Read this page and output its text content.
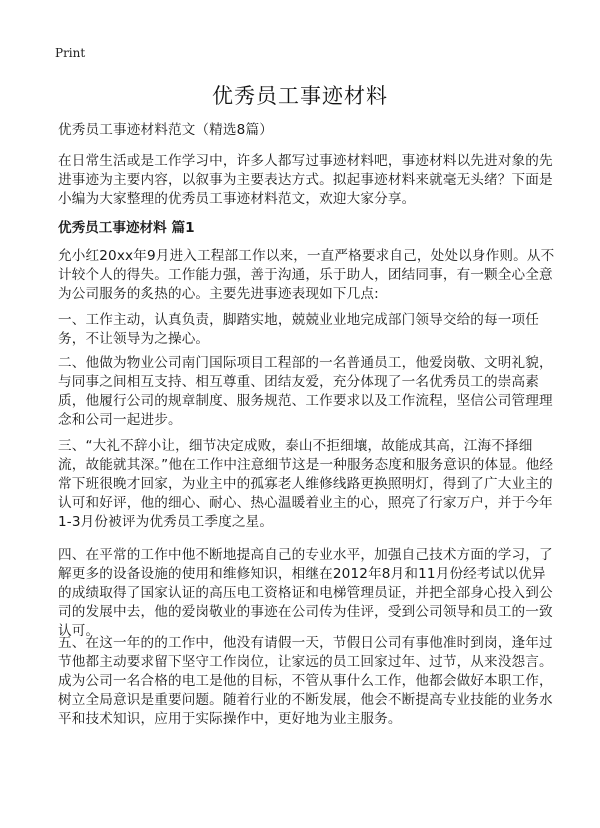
Print
优秀员工事迹材料

优秀员工事迹材料范文（精选8篇）

在日常生活或是工作学习中，许多人都写过事迹材料吧，事迹材料以先进对象的先进事迹为主要内容，以叙事为主要表达方式。拟起事迹材料来就毫无头绪？下面是小编为大家整理的优秀员工事迹材料范文，欢迎大家分享。

优秀员工事迹材料 篇1

允小红20xx年9月进入工程部工作以来，一直严格要求自己，处处以身作则。从不计较个人的得失。工作能力强，善于沟通，乐于助人，团结同事，有一颗全心全意为公司服务的炙热的心。主要先进事迹表现如下几点:

一、工作主动，认真负责，脚踏实地，兢兢业业地完成部门领导交给的每一项任务，不让领导为之操心。

二、他做为物业公司南门国际项目工程部的一名普通员工，他爱岗敬、文明礼貌，与同事之间相互支持、相互尊重、团结友爱，充分体现了一名优秀员工的崇高素质，他履行公司的规章制度、服务规范、工作要求以及工作流程，坚信公司管理理念和公司一起进步。

三、“大礼不辞小让，细节决定成败，泰山不拒细壤，故能成其高，江海不择细流，故能就其深。”他在工作中注意细节这是一种服务态度和服务意识的体显。他经常下班很晚才回家，为业主中的孤寡老人维修线路更换照明灯，得到了广大业主的认可和好评，他的细心、耐心、热心温暖着业主的心，照亮了行家万户，并于今年1-3月份被评为优秀员工季度之星。

四、在平常的工作中他不断地提高自己的专业水平，加强自己技术方面的学习，了解更多的设备设施的使用和维修知识，相继在2012年8月和11月份经考试以优异的成绩取得了国家认证的高压电工资格证和电梯管理员证，并把全部身心投入到公司的发展中去，他的爱岗敬业的事迹在公司传为佳评，受到公司领导和员工的一致认可。

五、在这一年的的工作中，他没有请假一天，节假日公司有事他准时到岗，逢年过节他都主动要求留下坚守工作岗位，让家远的员工回家过年、过节，从来没怨言。成为公司一名合格的电工是他的目标，不管从事什么工作，他都会做好本职工作，树立全局意识是重要问题。随着行业的不断发展，他会不断提高专业技能的业务水平和技术知识，应用于实际操作中，更好地为业主服务。
